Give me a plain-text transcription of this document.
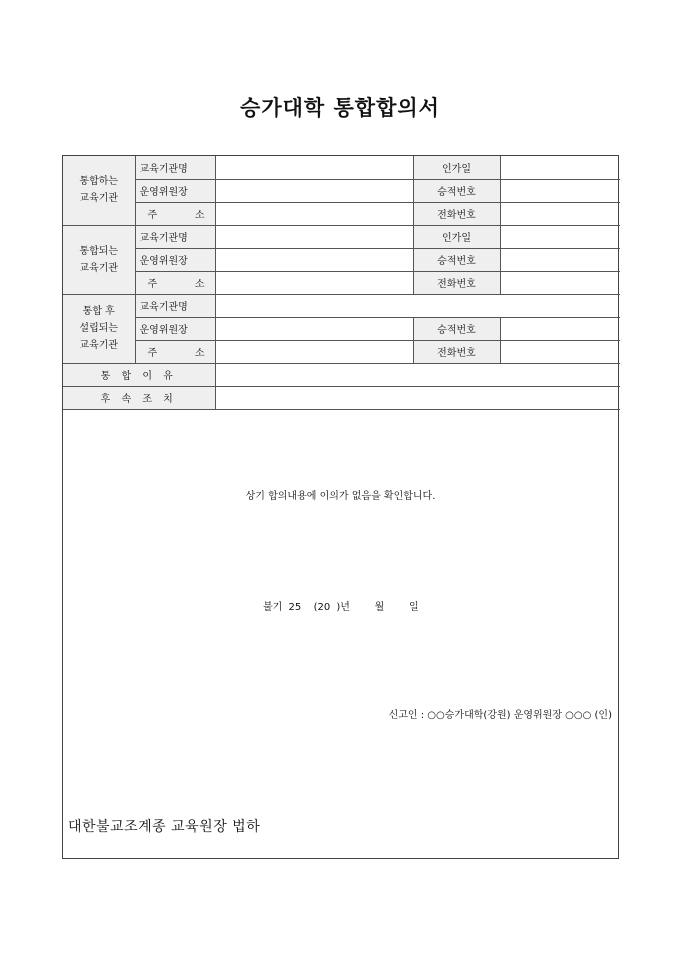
승가대학 통합합의서
통합하는
교육기관	교육기관명		인가일	
	운영위원장		승적번호	

	주 소		전화번호	
통합되는
교육기관	교육기관명		인가일	
	운영위원장		승적번호	

	주 소		전화번호	
통합 후
설립되는
교육기관	교육기관명			
	운영위원장		승적번호	

	주 소		전화번호	
통 합 이 유				
후 속 조 치				
상기 합의내용에 이의가 없음을 확인합니다.
불기 25  (20 )년    월    일
신고인 : ○○승가대학(강원) 운영위원장 ○○○ (인)
대한불교조계종 교육원장 법하
